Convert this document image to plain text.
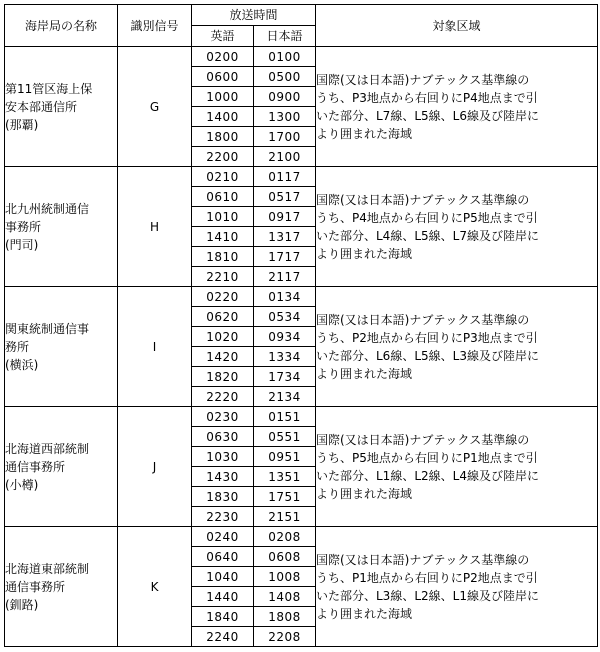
海岸局の名称	識別信号	放送時間		対象区域
		英語	日本語	

第11管区海上保
安本部通信所
(那覇)	G	0200	0100	国際(又は日本語)ナブテックス基準線の
うち、P3地点から右回りにP4地点まで引
いた部分、L7線、L5線、L6線及び陸岸に
より囲まれた海域

		0600	0500	
		1000	0900	
		1400	1300	
		1800	1700	
		2200	2100	

北九州統制通信
事務所
(門司)	H	0210	0117	国際(又は日本語)ナブテックス基準線の
うち、P4地点から右回りにP5地点まで引
いた部分、L4線、L5線、L7線及び陸岸に
より囲まれた海域

		0610	0517	
		1010	0917	
		1410	1317	
		1810	1717	
		2210	2117	

関東統制通信事
務所
(横浜)	I	0220	0134	国際(又は日本語)ナブテックス基準線の
うち、P2地点から右回りにP3地点まで引
いた部分、L6線、L5線、L3線及び陸岸に
より囲まれた海域

		0620	0534	
		1020	0934	
		1420	1334	
		1820	1734	
		2220	2134	

北海道西部統制
通信事務所
(小樽)	J	0230	0151	国際(又は日本語)ナブテックス基準線の
うち、P5地点から右回りにP1地点まで引
いた部分、L1線、L2線、L4線及び陸岸に
より囲まれた海域

		0630	0551	
		1030	0951	
		1430	1351	
		1830	1751	
		2230	2151	

北海道東部統制
通信事務所
(釧路)	K	0240	0208	国際(又は日本語)ナブテックス基準線の
うち、P1地点から右回りにP2地点まで引
いた部分、L3線、L2線、L1線及び陸岸に
より囲まれた海域

		0640	0608	
		1040	1008	
		1440	1408	
		1840	1808	
		2240	2208	
